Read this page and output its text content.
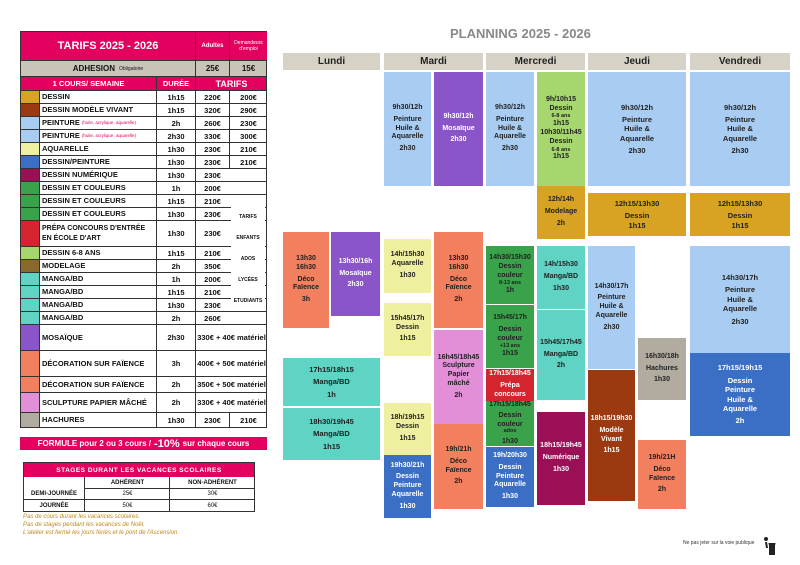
TARIFS 2025 - 2026	Adultes	Demandeurs d'emploi
ADHESION Obligatoire	25€	15€
1 COURS/ SEMAINE	DURÉE	TARIFS
DESSIN	1h15	220€	200€
DESSIN MODÈLE VIVANT	1h15	320€	290€
PEINTURE (huile, acrylique, aquarelle)	2h	260€	230€
PEINTURE (huile, acrylique, aquarelle)	2h30	330€	300€
AQUARELLE	1h30	230€	210€
DESSIN/PEINTURE	1h30	230€	210€
DESSIN NUMÉRIQUE	1h30	230€
DESSIN ET COULEURS	1h	200€
DESSIN ET COULEURS	1h15	210€
DESSIN ET COULEURS	1h30	230€
PRÉPA CONCOURS D'ENTRÉE EN ÉCOLE D'ART	1h30	230€
DESSIN 6-8 ANS	1h15	210€
MODELAGE	2h	350€
MANGA/BD	1h	200€
MANGA/BD	1h15	210€
MANGA/BD	1h30	230€
MANGA/BD	2h	260€
MOSAÏQUE	2h30	330€ + 40€ matériel
DÉCORATION SUR FAÏENCE	3h	400€ + 50€ matériel
DÉCORATION SUR FAÏENCE	2h	350€ + 50€ matériel
SCULPTURE PAPIER MÂCHÉ	2h	330€ + 40€ matériel
HACHURES	1h30	230€	210€
TARIFS
ENFANTS
ADOS
LYCÉES
ETUDIANTS
FORMULE pour 2 ou 3 cours / -10% sur chaque cours
STAGES DURANT LES VACANCES SCOLAIRES
ADHÉRENT	NON-ADHÉRENT
DEMI-JOURNÉE	25€	30€
JOURNÉE	50€	60€
Pas de cours durant les vacances scolaires.
Pas de stages pendant les vacances de Noël.
L'atelier est fermé les jours fériés et le pont de l'Ascension.
PLANNING 2025 - 2026
Lundi	Mardi	Mercredi	Jeudi	Vendredi
9h30/12h
Peinture
Huile &
Aquarelle
2h30
9h30/12h
Mosaïque
2h30
9h30/12h
Peinture
Huile &
Aquarelle
2h30
9h/10h15
Dessin
6-8 ans
1h15
10h30/11h45
Dessin
6-8 ans
1h15
9h30/12h
Peinture
Huile &
Aquarelle
2h30
9h30/12h
Peinture
Huile &
Aquarelle
2h30
12h/14h
Modelage
2h
12h15/13h30
Dessin
1h15
12h15/13h30
Dessin
1h15
13h30
16h30
Déco
Faïence
3h
13h30/16h
Mosaïque
2h30
14h/15h30
Aquarelle
1h30
13h30
16h30
Déco
Faïence
2h
14h30/15h30
Dessin
couleur
8-13 ans
1h
14h/15h30
Manga/BD
1h30	14h30/17h
Peinture
Huile &
Aquarelle
2h30
14h30/17h
Peinture
Huile &
Aquarelle
2h30
15h45/17h
Dessin
1h15
15h45/17h
Dessin
couleur
+13 ans
1h15
15h45/17h45
Manga/BD
2h
16h30/18h
Hachures
1h30
16h45/18h45
Sculpture
Papier
mâché
2h
17h15/18h15
Manga/BD
1h
17h15/18h45
Prépa
concours
17h15/19h15
Dessin
Peinture
Huile &
Aquarelle
2h
17h15/18h45
Dessin couleur
ados
1h30
18h15/19h30
Modèle
Vivant
1h15
18h30/19h45
Manga/BD
1h15
18h/19h15
Dessin
1h15
18h15/19h45
Numérique
1h30
19h/21h
Déco
Faïence
2h
19h/21H
Déco
Faïence
2h
19h30/21h
Dessin
Peinture
Aquarelle
1h30
19h/20h30
Dessin
Peinture
Aquarelle
1h30
Ne pas jeter sur la voie publique
